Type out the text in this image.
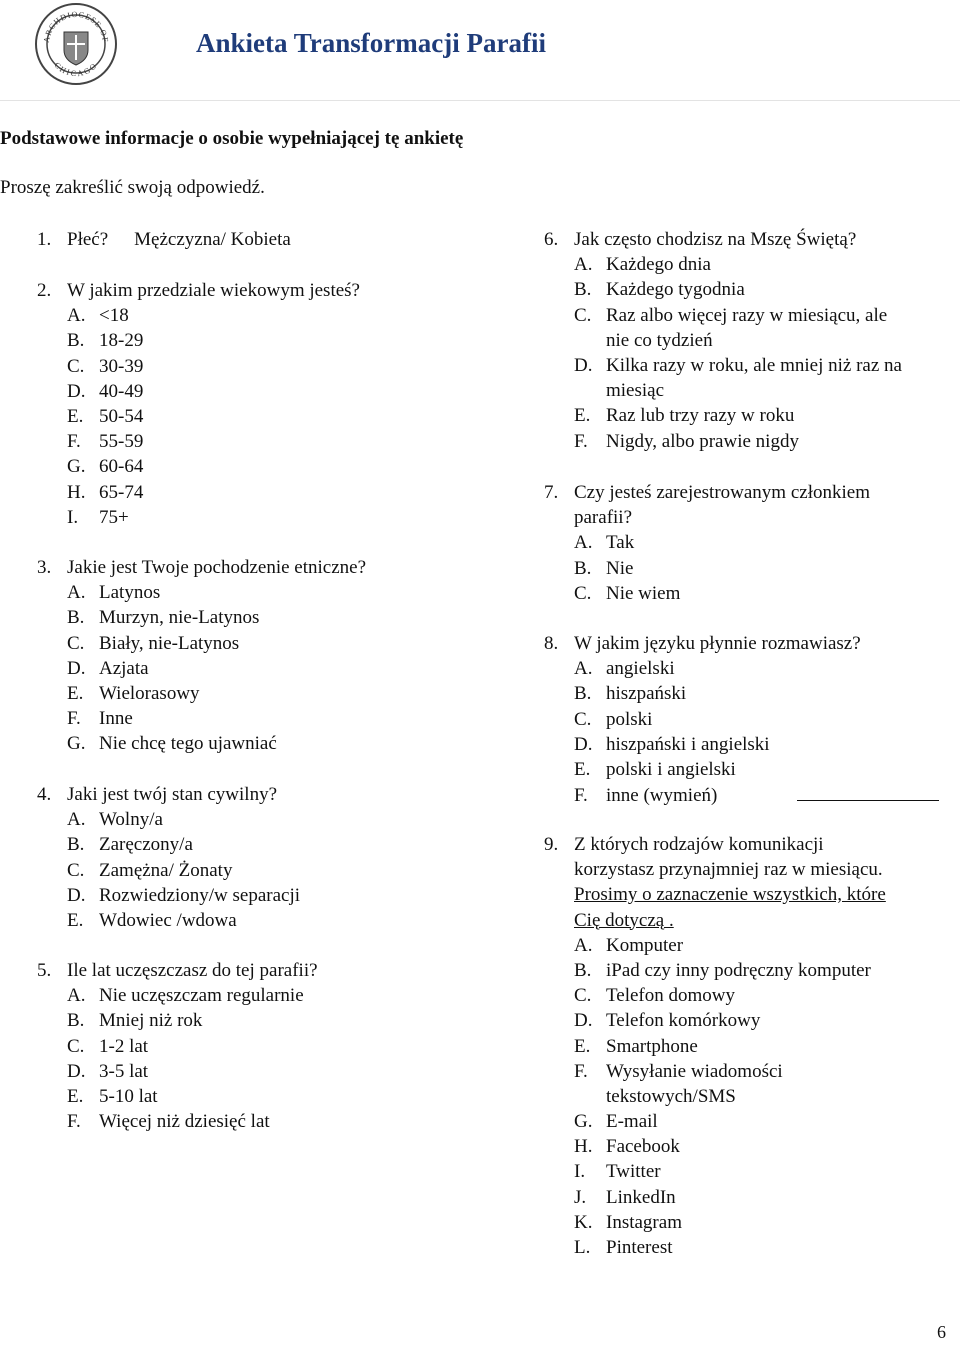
ARCHDIOCESE OF
CHICAGO
Ankieta Transformacji Parafii
Podstawowe informacje o osobie wypełniającej tę ankietę
Proszę zakreślić swoją odpowiedź.
1. Płeć? Mężczyzna/ Kobieta
2. W jakim przedziale wiekowym jesteś?
A. <18
B. 18-29
C. 30-39
D. 40-49
E. 50-54
F. 55-59
G. 60-64
H. 65-74
I. 75+
3. Jakie jest Twoje pochodzenie etniczne?
A. Latynos
B. Murzyn, nie-Latynos
C. Biały, nie-Latynos
D. Azjata
E. Wielorasowy
F. Inne
G. Nie chcę tego ujawniać
4. Jaki jest twój stan cywilny?
A. Wolny/a
B. Zaręczony/a
C. Zamężna/ Żonaty
D. Rozwiedziony/w separacji
E. Wdowiec /wdowa
5. Ile lat uczęszczasz do tej parafii?
A. Nie uczęszczam regularnie
B. Mniej niż rok
C. 1-2 lat
D. 3-5 lat
E. 5-10 lat
F. Więcej niż dziesięć lat
6. Jak często chodzisz na Mszę Świętą?
A. Każdego dnia
B. Każdego tygodnia
C. Raz albo więcej razy w miesiącu, ale
nie co tydzień
D. Kilka razy w roku, ale mniej niż raz na
miesiąc
E. Raz lub trzy razy w roku
F. Nigdy, albo prawie nigdy
7. Czy jesteś zarejestrowanym członkiem
parafii?
A. Tak
B. Nie
C. Nie wiem
8. W jakim języku płynnie rozmawiasz?
A. angielski
B. hiszpański
C. polski
D. hiszpański i angielski
E. polski i angielski
F. inne (wymień)
9. Z których rodzajów komunikacji
korzystasz przynajmniej raz w miesiącu.
Prosimy o zaznaczenie wszystkich, które
Cię dotyczą .
A. Komputer
B. iPad czy inny podręczny komputer
C. Telefon domowy
D. Telefon komórkowy
E. Smartphone
F. Wysyłanie wiadomości
tekstowych/SMS
G. E-mail
H. Facebook
I. Twitter
J. LinkedIn
K. Instagram
L. Pinterest
6
